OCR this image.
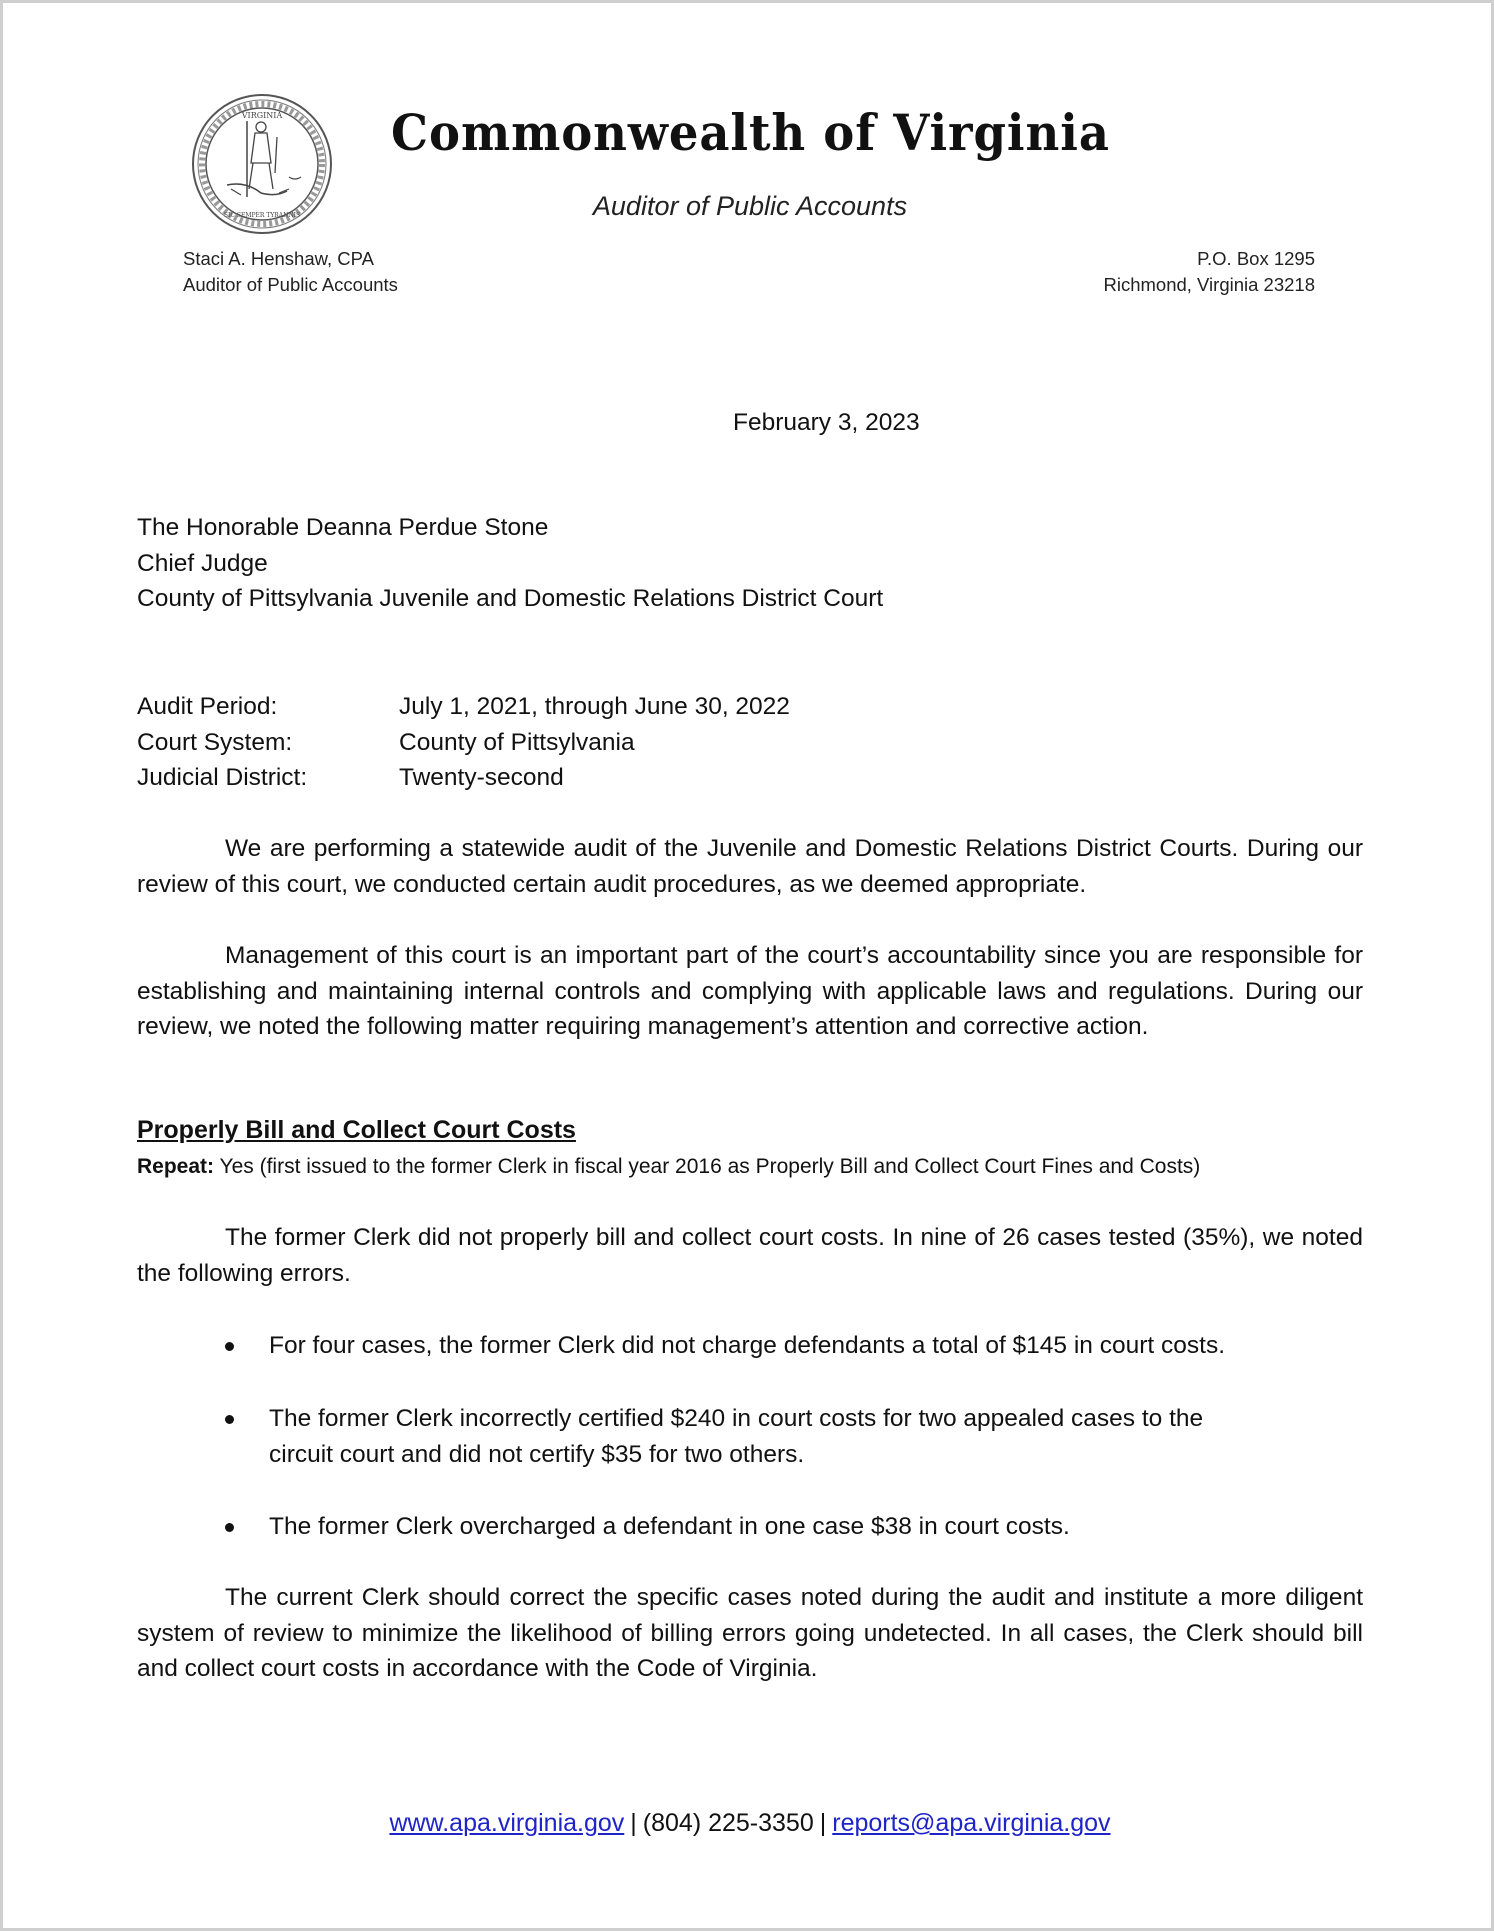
VIRGINIA
SIC SEMPER TYRANNIS
Commonwealth of Virginia
Auditor of Public Accounts
Staci A. Henshaw, CPA
Auditor of Public Accounts
P.O. Box 1295
Richmond, Virginia 23218
February 3, 2023
The Honorable Deanna Perdue Stone
Chief Judge
County of Pittsylvania Juvenile and Domestic Relations District Court
Audit Period:	July 1, 2021, through June 30, 2022
Court System:	County of Pittsylvania
Judicial District:	Twenty-second

We are performing a statewide audit of the Juvenile and Domestic Relations District Courts. During our review of this court, we conducted certain audit procedures, as we deemed appropriate.

Management of this court is an important part of the court’s accountability since you are responsible for establishing and maintaining internal controls and complying with applicable laws and regulations. During our review, we noted the following matter requiring management’s attention and corrective action.

Properly Bill and Collect Court Costs
Repeat: Yes (first issued to the former Clerk in fiscal year 2016 as Properly Bill and Collect Court Fines and Costs)

The former Clerk did not properly bill and collect court costs. In nine of 26 cases tested (35%), we noted the following errors.

For four cases, the former Clerk did not charge defendants a total of $145 in court costs.
The former Clerk incorrectly certified $240 in court costs for two appealed cases to the circuit court and did not certify $35 for two others.
The former Clerk overcharged a defendant in one case $38 in court costs.

The current Clerk should correct the specific cases noted during the audit and institute a more diligent system of review to minimize the likelihood of billing errors going undetected. In all cases, the Clerk should bill and collect court costs in accordance with the Code of Virginia.

www.apa.virginia.gov | (804) 225-3350 | reports@apa.virginia.gov
